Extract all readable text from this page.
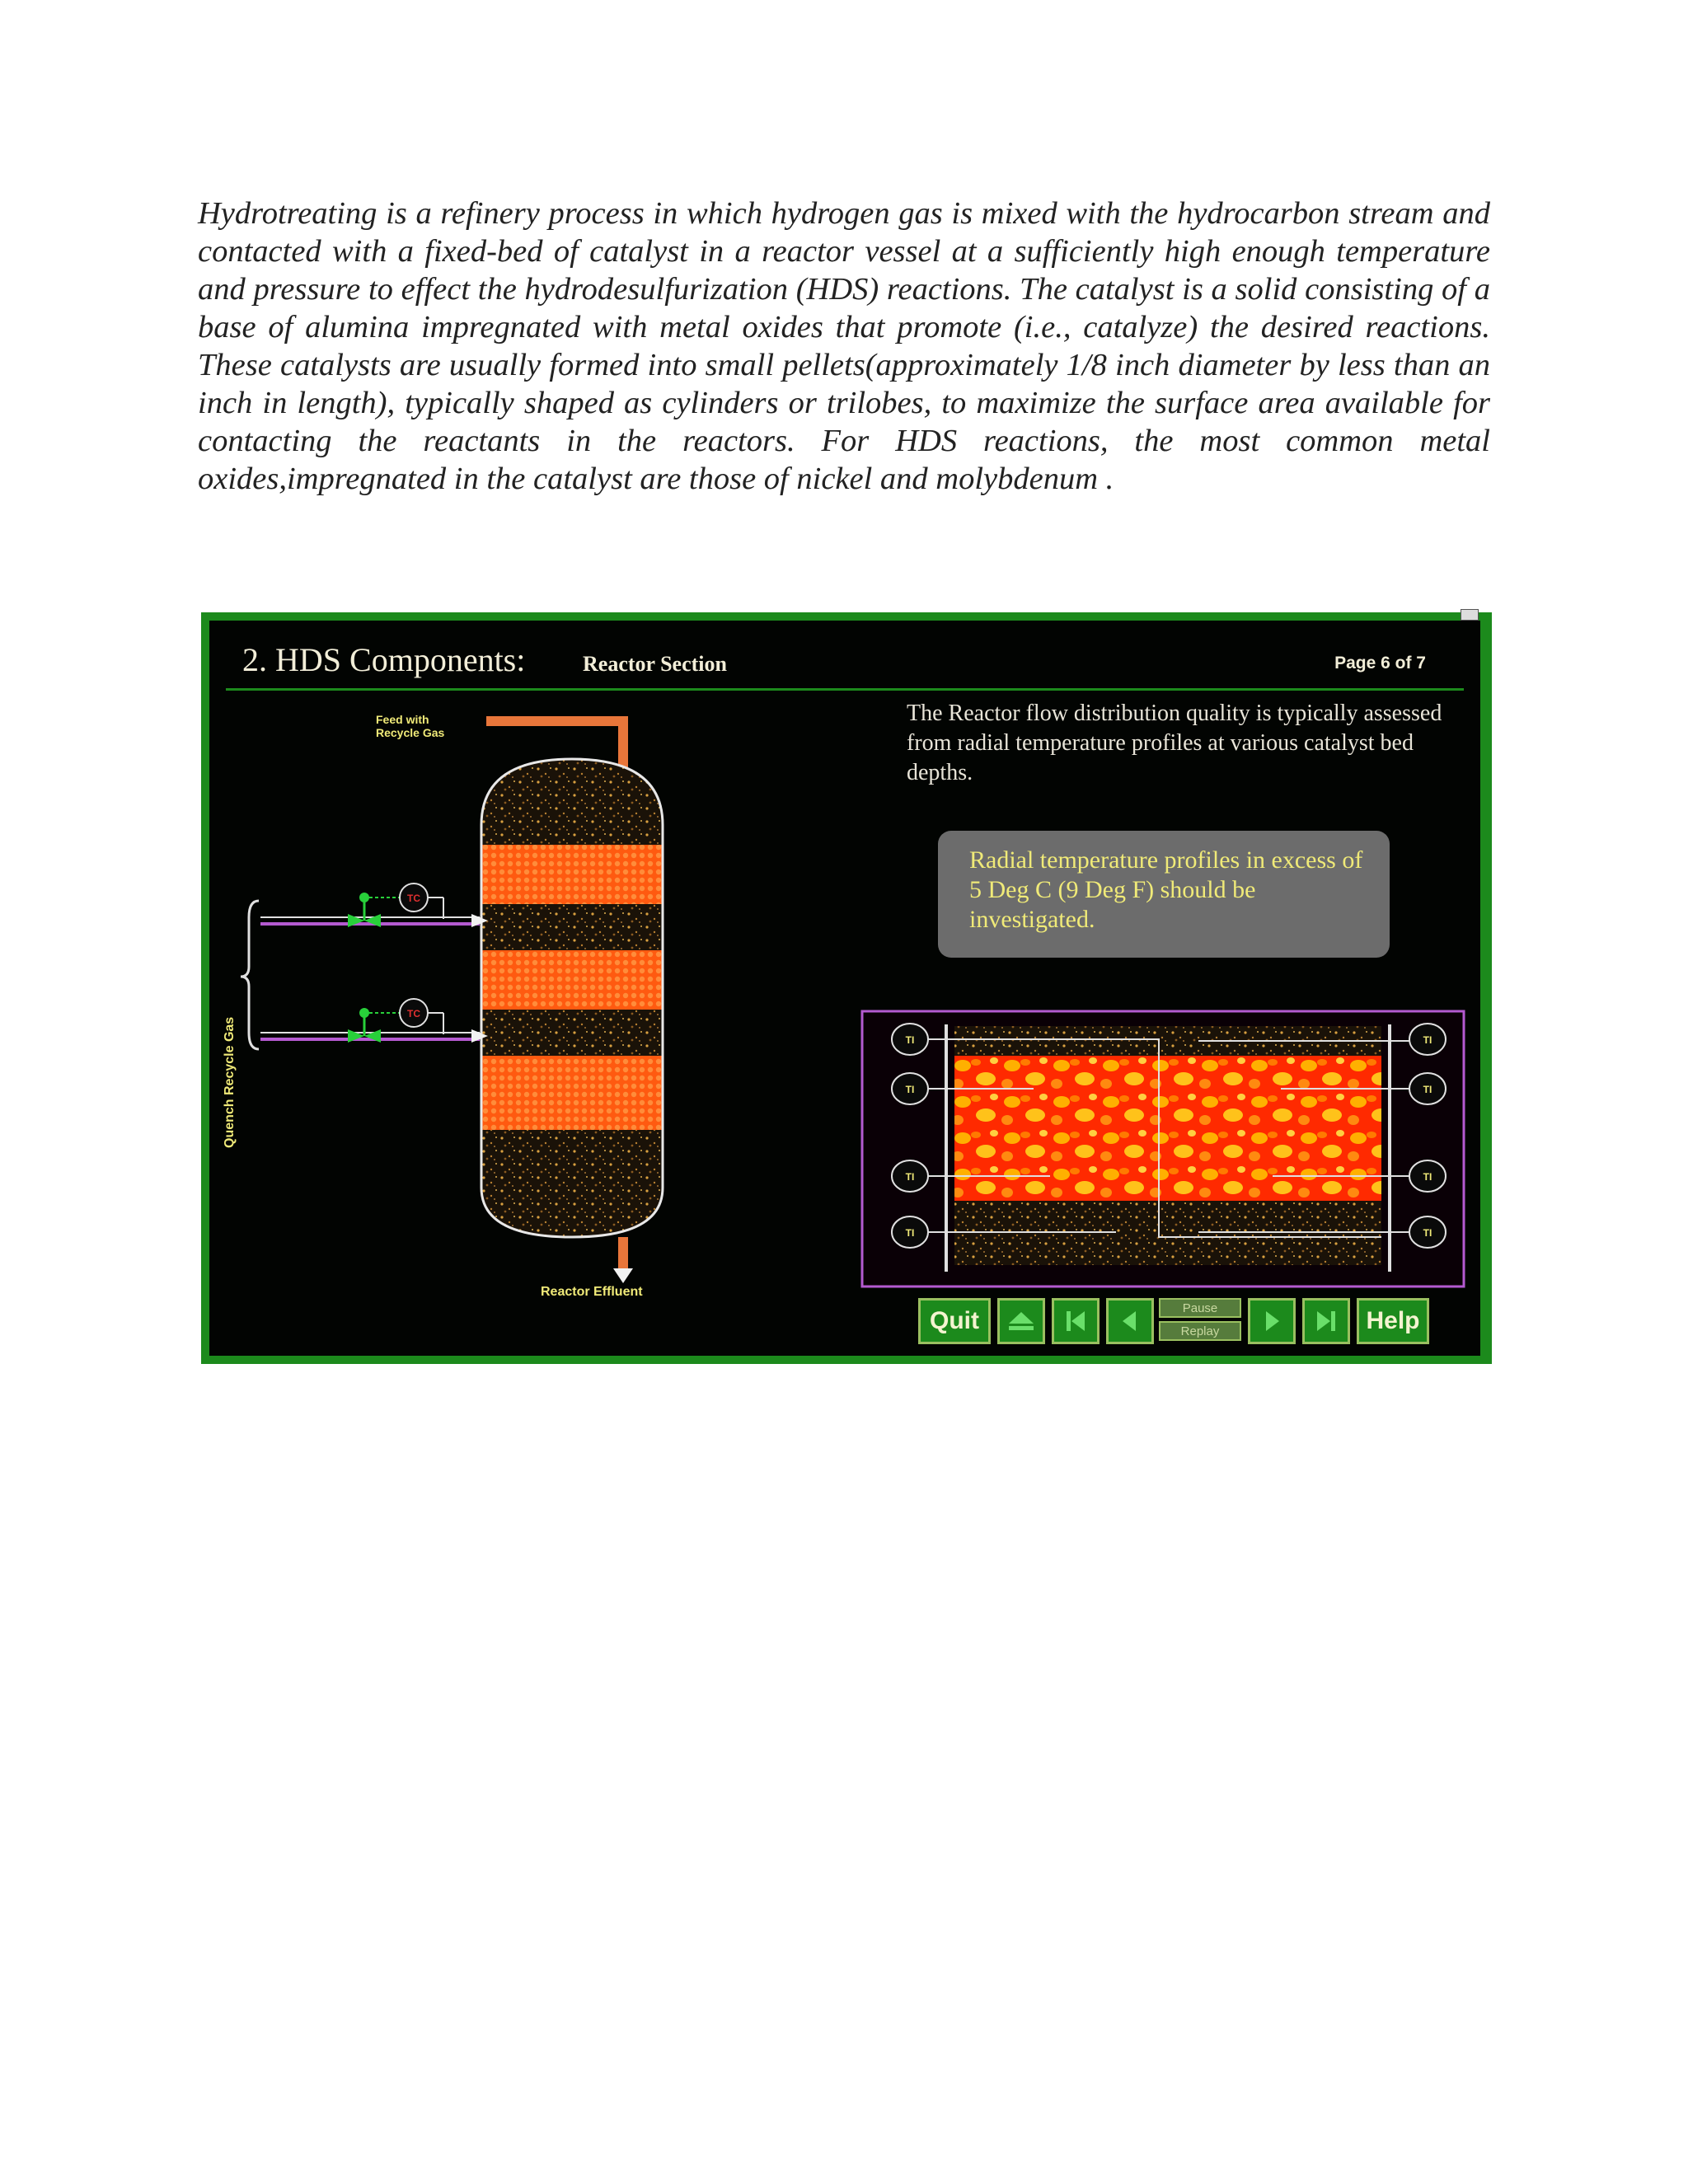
Hydrotreating is a refinery process in which hydrogen gas is mixed with the hydrocarbon stream and contacted with a fixed-bed of catalyst in a reactor vessel at a sufficiently high enough temperature and pressure to effect the hydrodesulfurization (HDS) reactions. The catalyst is a solid consisting of a base of alumina impregnated with metal oxides that promote (i.e., catalyze) the desired reactions. These catalysts are usually formed into small pellets(approximately 1/8 inch diameter by less than an inch in length), typically shaped as cylinders or trilobes, to maximize the surface area available for contacting the reactants in the reactors. For HDS reactions, the most common metal oxides,impregnated in the catalyst are those of nickel and molybdenum .

TC
TC
TI
TI
TI
TI
TI
TI
TI
TI
2. HDS Components:	Reactor Section	Page 6 of 7
Feed with
Recycle Gas
Reactor Effluent
Quench Recycle Gas

The Reactor flow distribution quality is typically assessed from radial temperature profiles at various catalyst bed depths.

Radial temperature profiles in excess of 5 Deg C (9 Deg F) should be investigated.
Quit	Pause
Replay	Help
